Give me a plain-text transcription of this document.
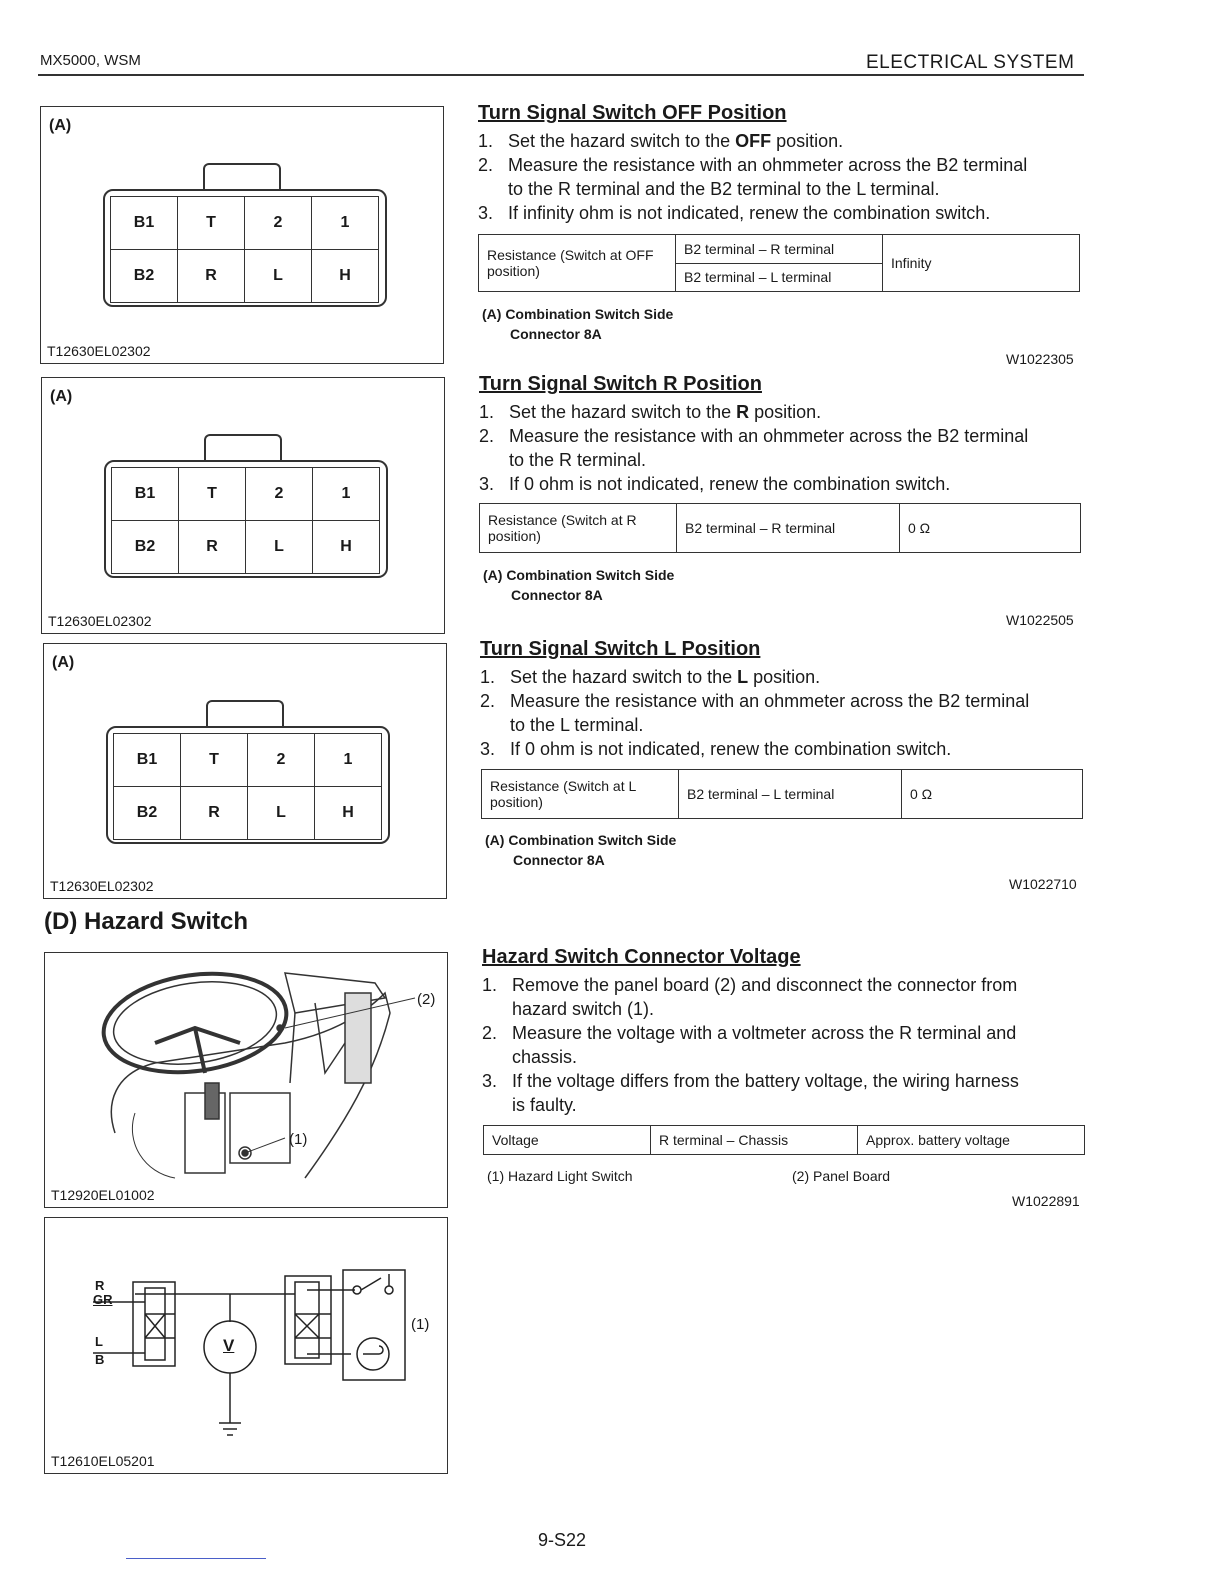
MX5000, WSM	ELECTRICAL SYSTEM
(A)
B1	T	2	1
B2	R	L	H
T12630EL02302
(A)
B1	T	2	1
B2	R	L	H
T12630EL02302
(A)
B1	T	2	1
B2	R	L	H
T12630EL02302
(D) Hazard Switch
(2)
(1)
T12920EL01002
R
GR
L
B
V
(1)
T12610EL05201
Turn Signal Switch OFF Position
1. Set the hazard switch to the OFF position.
2. Measure the resistance with an ohmmeter across the B2 terminal
to the R terminal and the B2 terminal to the L terminal.
3. If infinity ohm is not indicated, renew the combination switch.
Resistance (Switch at OFF position)	B2 terminal – R terminal	Infinity
B2 terminal – L terminal
(A) Combination Switch Side
Connector 8A
W1022305
Turn Signal Switch R Position
1. Set the hazard switch to the R position.
2. Measure the resistance with an ohmmeter across the B2 terminal
to the R terminal.
3. If 0 ohm is not indicated, renew the combination switch.
Resistance (Switch at R position)	B2 terminal – R terminal	0 Ω
(A) Combination Switch Side
Connector 8A
W1022505
Turn Signal Switch L Position
1. Set the hazard switch to the L position.
2. Measure the resistance with an ohmmeter across the B2 terminal
to the L terminal.
3. If 0 ohm is not indicated, renew the combination switch.
Resistance (Switch at L position)	B2 terminal – L terminal	0 Ω
(A) Combination Switch Side
Connector 8A
W1022710
Hazard Switch Connector Voltage
1. Remove the panel board (2) and disconnect the connector from
hazard switch (1).
2. Measure the voltage with a voltmeter across the R terminal and
chassis.
3. If the voltage differs from the battery voltage, the wiring harness
is faulty.
Voltage	R terminal – Chassis	Approx. battery voltage
(1) Hazard Light Switch	(2) Panel Board
W1022891
9-S22
